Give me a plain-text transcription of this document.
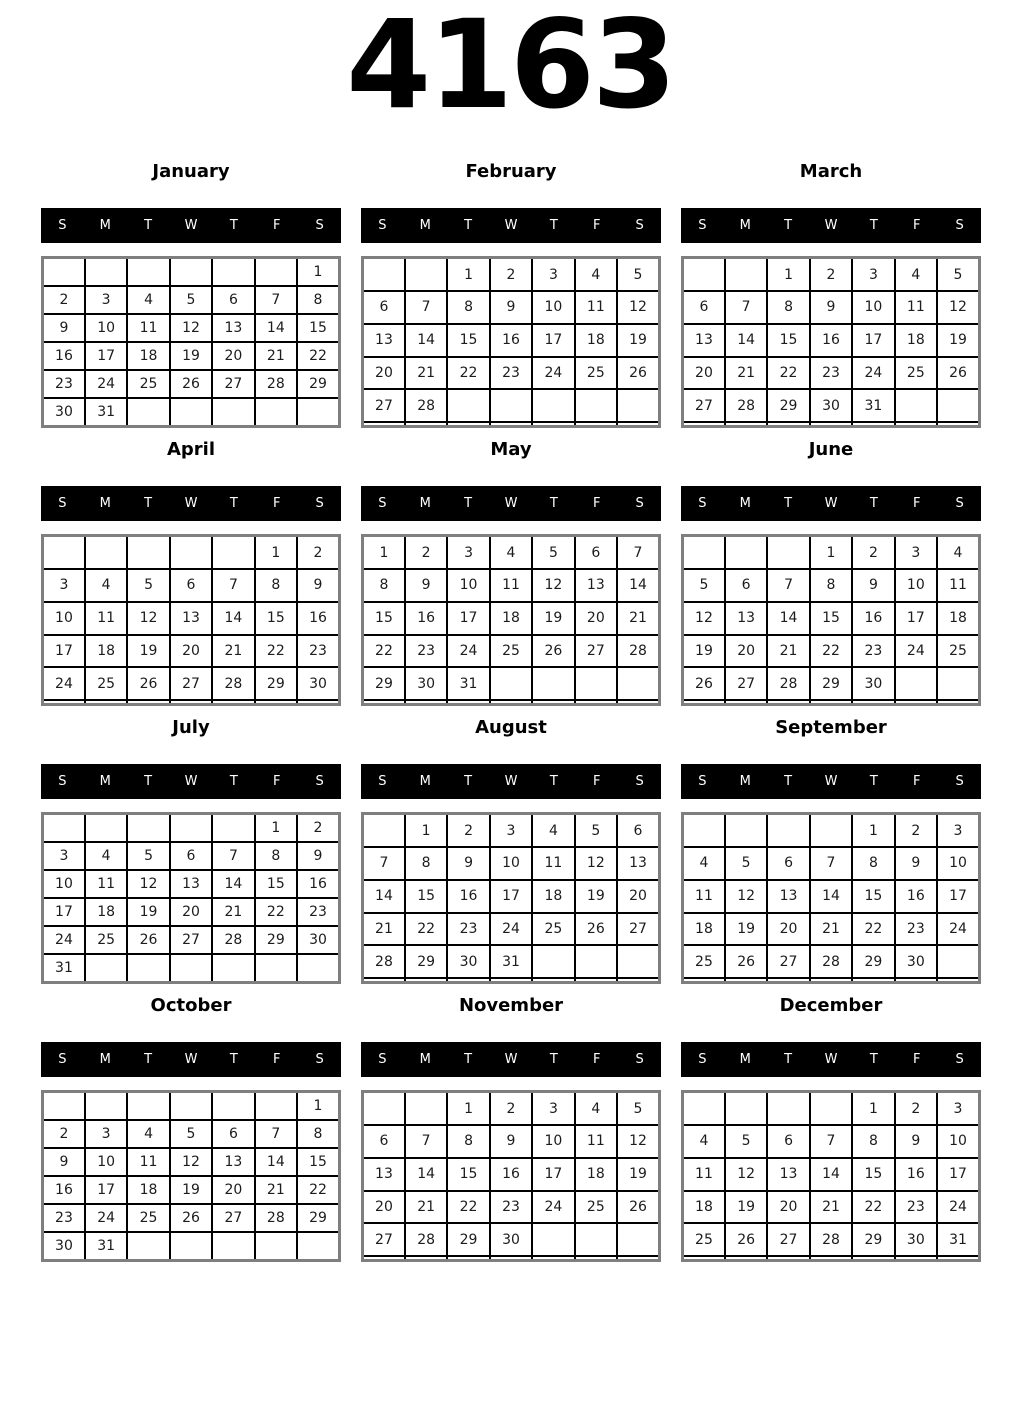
4163
January
S	M	T	W	T	F	S
						1
2	3	4	5	6	7	8
9	10	11	12	13	14	15
16	17	18	19	20	21	22
23	24	25	26	27	28	29
30	31					
February
S	M	T	W	T	F	S
		1	2	3	4	5
6	7	8	9	10	11	12
13	14	15	16	17	18	19
20	21	22	23	24	25	26
27	28					

March
S	M	T	W	T	F	S
		1	2	3	4	5
6	7	8	9	10	11	12
13	14	15	16	17	18	19
20	21	22	23	24	25	26
27	28	29	30	31		

April
S	M	T	W	T	F	S
					1	2
3	4	5	6	7	8	9
10	11	12	13	14	15	16
17	18	19	20	21	22	23
24	25	26	27	28	29	30

May
S	M	T	W	T	F	S
1	2	3	4	5	6	7
8	9	10	11	12	13	14
15	16	17	18	19	20	21
22	23	24	25	26	27	28
29	30	31				

June
S	M	T	W	T	F	S
			1	2	3	4
5	6	7	8	9	10	11
12	13	14	15	16	17	18
19	20	21	22	23	24	25
26	27	28	29	30		

July
S	M	T	W	T	F	S
					1	2
3	4	5	6	7	8	9
10	11	12	13	14	15	16
17	18	19	20	21	22	23
24	25	26	27	28	29	30
31						
August
S	M	T	W	T	F	S
	1	2	3	4	5	6
7	8	9	10	11	12	13
14	15	16	17	18	19	20
21	22	23	24	25	26	27
28	29	30	31			

September
S	M	T	W	T	F	S
				1	2	3
4	5	6	7	8	9	10
11	12	13	14	15	16	17
18	19	20	21	22	23	24
25	26	27	28	29	30	

October
S	M	T	W	T	F	S
						1
2	3	4	5	6	7	8
9	10	11	12	13	14	15
16	17	18	19	20	21	22
23	24	25	26	27	28	29
30	31					
November
S	M	T	W	T	F	S
		1	2	3	4	5
6	7	8	9	10	11	12
13	14	15	16	17	18	19
20	21	22	23	24	25	26
27	28	29	30			

December
S	M	T	W	T	F	S
				1	2	3
4	5	6	7	8	9	10
11	12	13	14	15	16	17
18	19	20	21	22	23	24
25	26	27	28	29	30	31
